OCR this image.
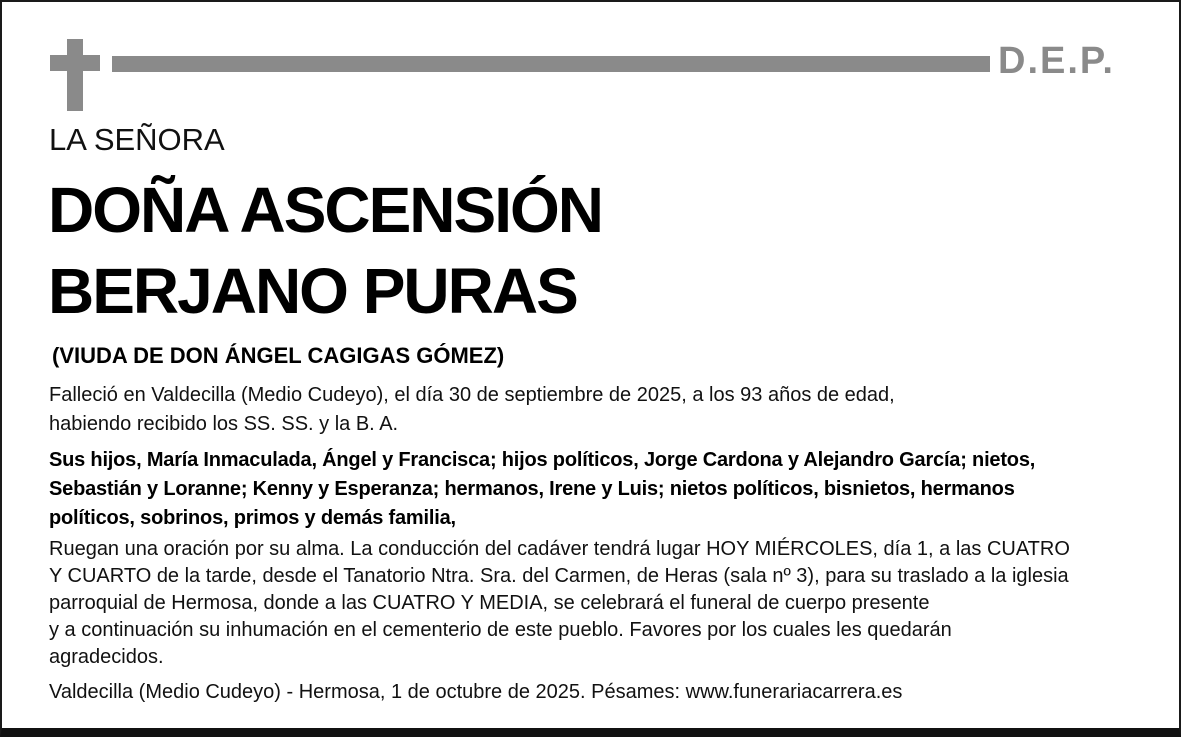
D.E.P.
LA SEÑORA
DOÑA ASCENSIÓN
BERJANO PURAS
(VIUDA DE DON ÁNGEL CAGIGAS GÓMEZ)
Falleció en Valdecilla (Medio Cudeyo), el día 30 de septiembre de 2025, a los 93 años de edad,
habiendo recibido los SS. SS. y la B. A.
Sus hijos, María Inmaculada, Ángel y Francisca; hijos políticos, Jorge Cardona y Alejandro García; nietos,
Sebastián y Loranne; Kenny y Esperanza; hermanos, Irene y Luis; nietos políticos, bisnietos, hermanos
políticos, sobrinos, primos y demás familia,
Ruegan una oración por su alma. La conducción del cadáver tendrá lugar HOY MIÉRCOLES, día 1, a las CUATRO
Y CUARTO de la tarde, desde el Tanatorio Ntra. Sra. del Carmen, de Heras (sala nº 3), para su traslado a la iglesia
parroquial de Hermosa, donde a las CUATRO Y MEDIA, se celebrará el funeral de cuerpo presente
y a continuación su inhumación en el cementerio de este pueblo. Favores por los cuales les quedarán
agradecidos.
Valdecilla (Medio Cudeyo) - Hermosa, 1 de octubre de 2025. Pésames: www.funerariacarrera.es
